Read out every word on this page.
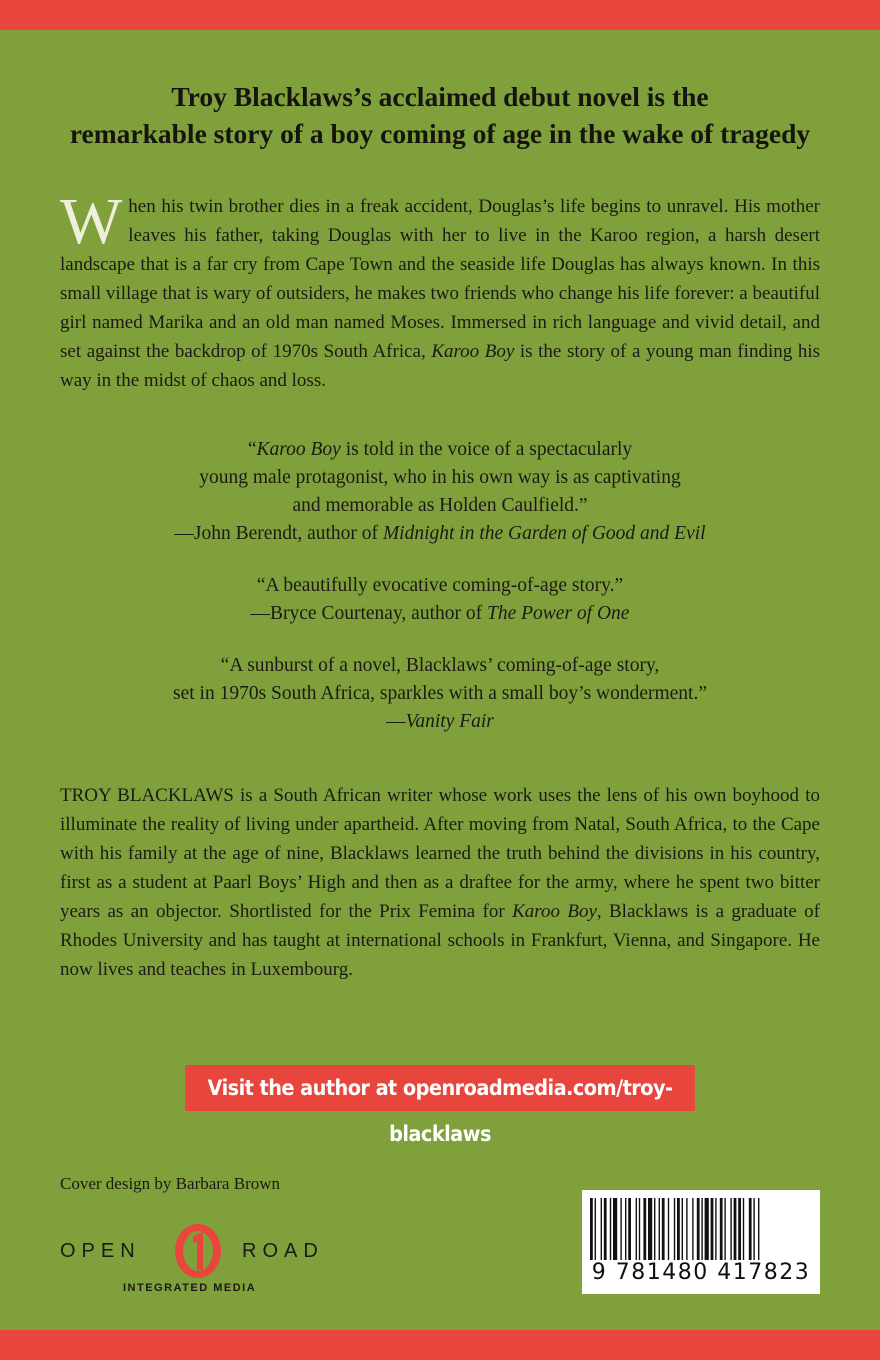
Troy Blacklaws’s acclaimed debut novel is the
remarkable story of a boy coming of age in the wake of tragedy
When his twin brother dies in a freak accident, Douglas’s life begins to unravel. His mother leaves his father, taking Douglas with her to live in the Karoo region, a harsh desert landscape that is a far cry from Cape Town and the seaside life Douglas has always known. In this small village that is wary of outsiders, he makes two friends who change his life forever: a beautiful girl named Marika and an old man named Moses. Immersed in rich language and vivid detail, and set against the backdrop of 1970s South Africa, Karoo Boy is the story of a young man finding his way in the midst of chaos and loss.
“Karoo Boy is told in the voice of a spectacularly
young male protagonist, who in his own way is as captivating
and memorable as Holden Caulfield.”
—John Berendt, author of Midnight in the Garden of Good and Evil
“A beautifully evocative coming-of-age story.”
—Bryce Courtenay, author of The Power of One
“A sunburst of a novel, Blacklaws’ coming-of-age story,
set in 1970s South Africa, sparkles with a small boy’s wonderment.”
—Vanity Fair
TROY BLACKLAWS is a South African writer whose work uses the lens of his own boyhood to illuminate the reality of living under apartheid. After moving from Natal, South Africa, to the Cape with his family at the age of nine, Blacklaws learned the truth behind the divisions in his country, first as a student at Paarl Boys’ High and then as a draftee for the army, where he spent two bitter years as an objector. Shortlisted for the Prix Femina for Karoo Boy, Blacklaws is a graduate of Rhodes University and has taught at international schools in Frankfurt, Vienna, and Singapore. He now lives and teaches in Luxembourg.
Visit the author at openroadmedia.com/troy-blacklaws
Cover design by Barbara Brown
OPEN	ROAD
INTEGRATED MEDIA
9 781480 417823
